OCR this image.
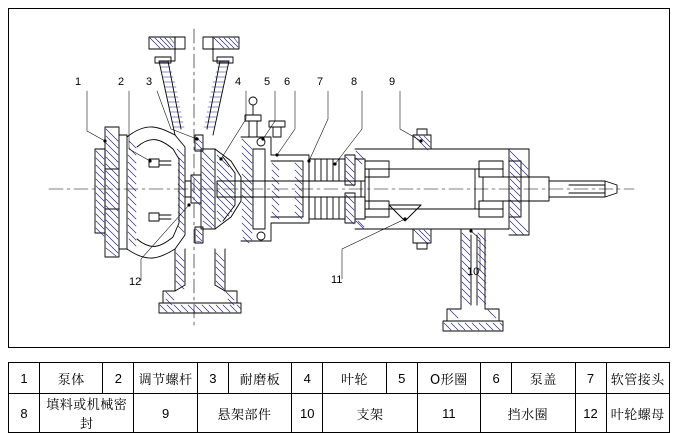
1	2 3	4 5 6 7	8	9
10
11
12
1	泵体	2	调节螺杆	3	耐磨板	4	叶轮	5	O形圈	6	泵盖	7	软管接头
8	填料或机械密封		9	悬架部件		10	支架		11	挡水圈		12	叶轮螺母
